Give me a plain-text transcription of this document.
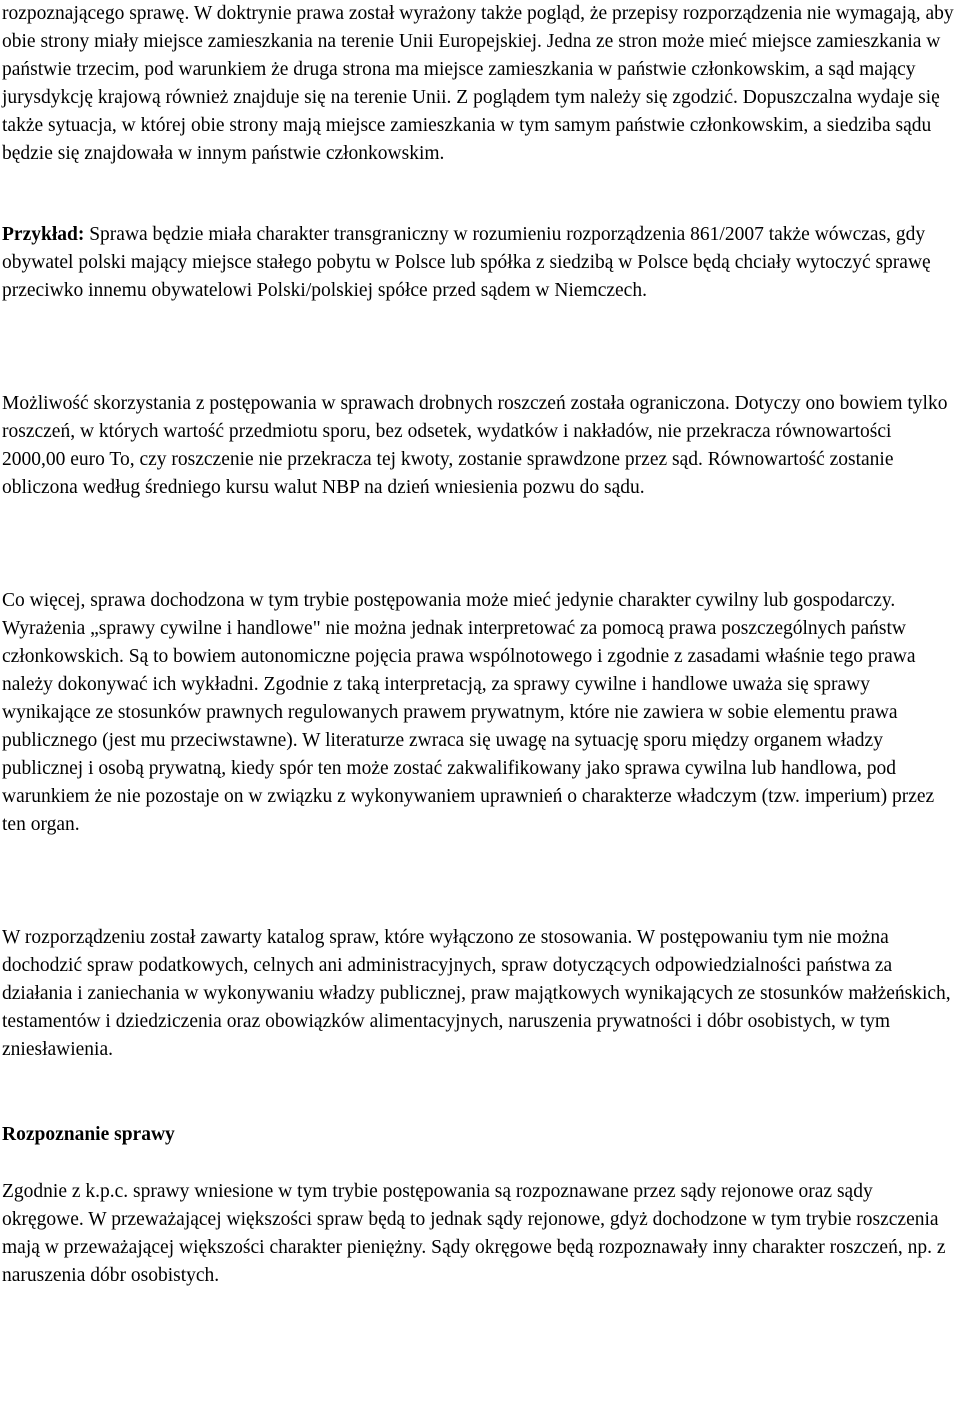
rozpoznającego sprawę. W doktrynie prawa został wyrażony także pogląd, że przepisy rozporządzenia nie wymagają, aby obie strony miały miejsce zamieszkania na terenie Unii Europejskiej. Jedna ze stron może mieć miejsce zamieszkania w państwie trzecim, pod warunkiem że druga strona ma miejsce zamieszkania w państwie członkowskim, a sąd mający jurysdykcję krajową również znajduje się na terenie Unii. Z poglądem tym należy się zgodzić. Dopuszczalna wydaje się także sytuacja, w której obie strony mają miejsce zamieszkania w tym samym państwie członkowskim, a siedziba sądu będzie się znajdowała w innym państwie członkowskim.

Przykład: Sprawa będzie miała charakter transgraniczny w rozumieniu rozporządzenia 861/2007 także wówczas, gdy obywatel polski mający miejsce stałego pobytu w Polsce lub spółka z siedzibą w Polsce będą chciały wytoczyć sprawę przeciwko innemu obywatelowi Polski/polskiej spółce przed sądem w Niemczech.

Możliwość skorzystania z postępowania w sprawach drobnych roszczeń została ograniczona. Dotyczy ono bowiem tylko roszczeń, w których wartość przedmiotu sporu, bez odsetek, wydatków i nakładów, nie przekracza równowartości 2000,00 euro To, czy roszczenie nie przekracza tej kwoty, zostanie sprawdzone przez sąd. Równowartość zostanie obliczona według średniego kursu walut NBP na dzień wniesienia pozwu do sądu.

Co więcej, sprawa dochodzona w tym trybie postępowania może mieć jedynie charakter cywilny lub gospodarczy. Wyrażenia „sprawy cywilne i handlowe" nie można jednak interpretować za pomocą prawa poszczególnych państw członkowskich. Są to bowiem autonomiczne pojęcia prawa wspólnotowego i zgodnie z zasadami właśnie tego prawa należy dokonywać ich wykładni. Zgodnie z taką interpretacją, za sprawy cywilne i handlowe uważa się sprawy wynikające ze stosunków prawnych regulowanych prawem prywatnym, które nie zawiera w sobie elementu prawa publicznego (jest mu przeciwstawne). W literaturze zwraca się uwagę na sytuację sporu między organem władzy publicznej i osobą prywatną, kiedy spór ten może zostać zakwalifikowany jako sprawa cywilna lub handlowa, pod warunkiem że nie pozostaje on w związku z wykonywaniem uprawnień o charakterze władczym (tzw. imperium) przez ten organ.

W rozporządzeniu został zawarty katalog spraw, które wyłączono ze stosowania. W postępowaniu tym nie można dochodzić spraw podatkowych, celnych ani administracyjnych, spraw dotyczących odpowiedzialności państwa za działania i zaniechania w wykonywaniu władzy publicznej, praw majątkowych wynikających ze stosunków małżeńskich, testamentów i dziedziczenia oraz obowiązków alimentacyjnych, naruszenia prywatności i dóbr osobistych, w tym zniesławienia.

Rozpoznanie sprawy

Zgodnie z k.p.c. sprawy wniesione w tym trybie postępowania są rozpoznawane przez sądy rejonowe oraz sądy okręgowe. W przeważającej większości spraw będą to jednak sądy rejonowe, gdyż dochodzone w tym trybie roszczenia mają w przeważającej większości charakter pieniężny. Sądy okręgowe będą rozpoznawały inny charakter roszczeń, np. z naruszenia dóbr osobistych.
